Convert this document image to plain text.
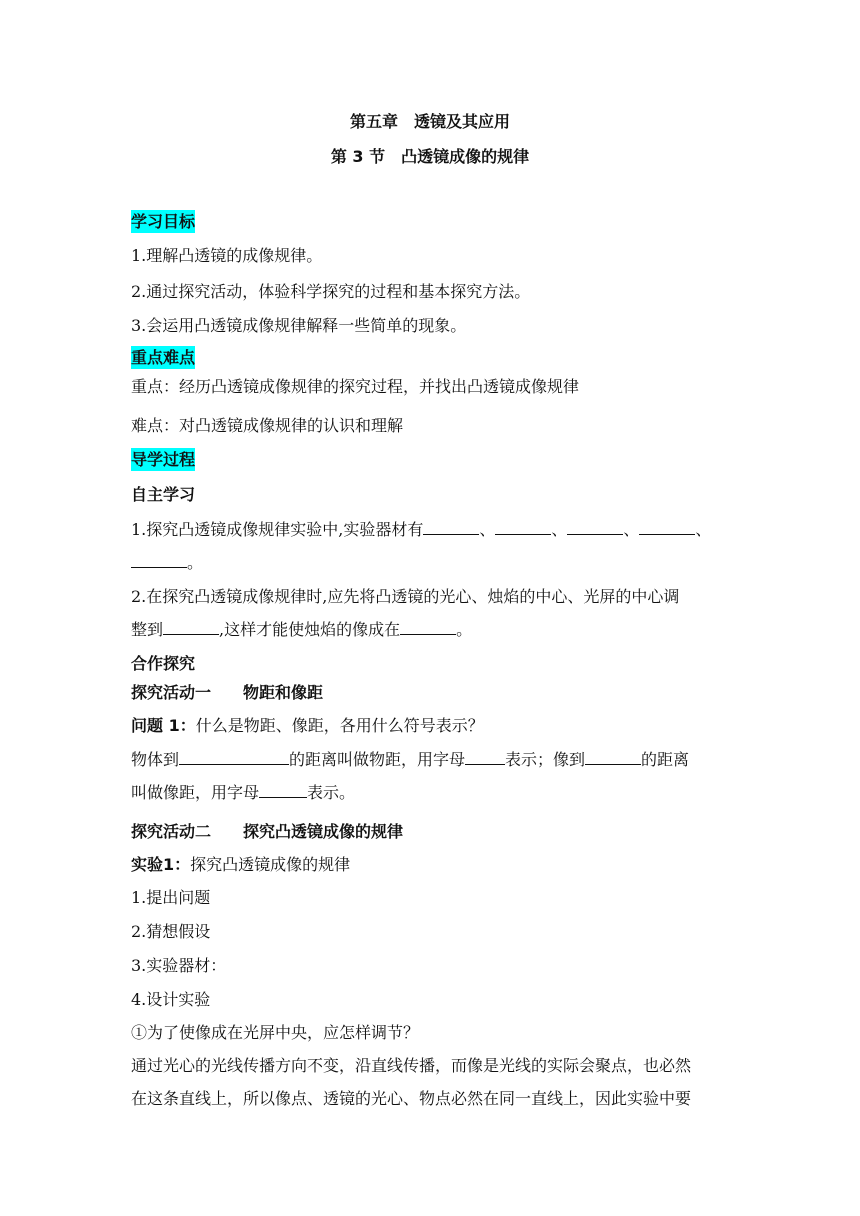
第五章　透镜及其应用
第 3 节　凸透镜成像的规律
学习目标
1.理解凸透镜的成像规律。
2.通过探究活动，体验科学探究的过程和基本探究方法。
3.会运用凸透镜成像规律解释一些简单的现象。
重点难点
重点：经历凸透镜成像规律的探究过程，并找出凸透镜成像规律
难点：对凸透镜成像规律的认识和理解
导学过程
自主学习
1.探究凸透镜成像规律实验中,实验器材有	、	、	、	、
。
2.在探究凸透镜成像规律时,应先将凸透镜的光心、烛焰的中心、光屏的中心调
整到	,这样才能使烛焰的像成在	。
合作探究
探究活动一　　物距和像距
问题 1：什么是物距、像距，各用什么符号表示？
物体到	的距离叫做物距，用字母	表示；像到	的距离
叫做像距，用字母	表示。
探究活动二　　探究凸透镜成像的规律
实验1：探究凸透镜成像的规律
1.提出问题
2.猜想假设
3.实验器材：
4.设计实验
①为了使像成在光屏中央，应怎样调节？
通过光心的光线传播方向不变，沿直线传播，而像是光线的实际会聚点，也必然
在这条直线上，所以像点、透镜的光心、物点必然在同一直线上，因此实验中要
